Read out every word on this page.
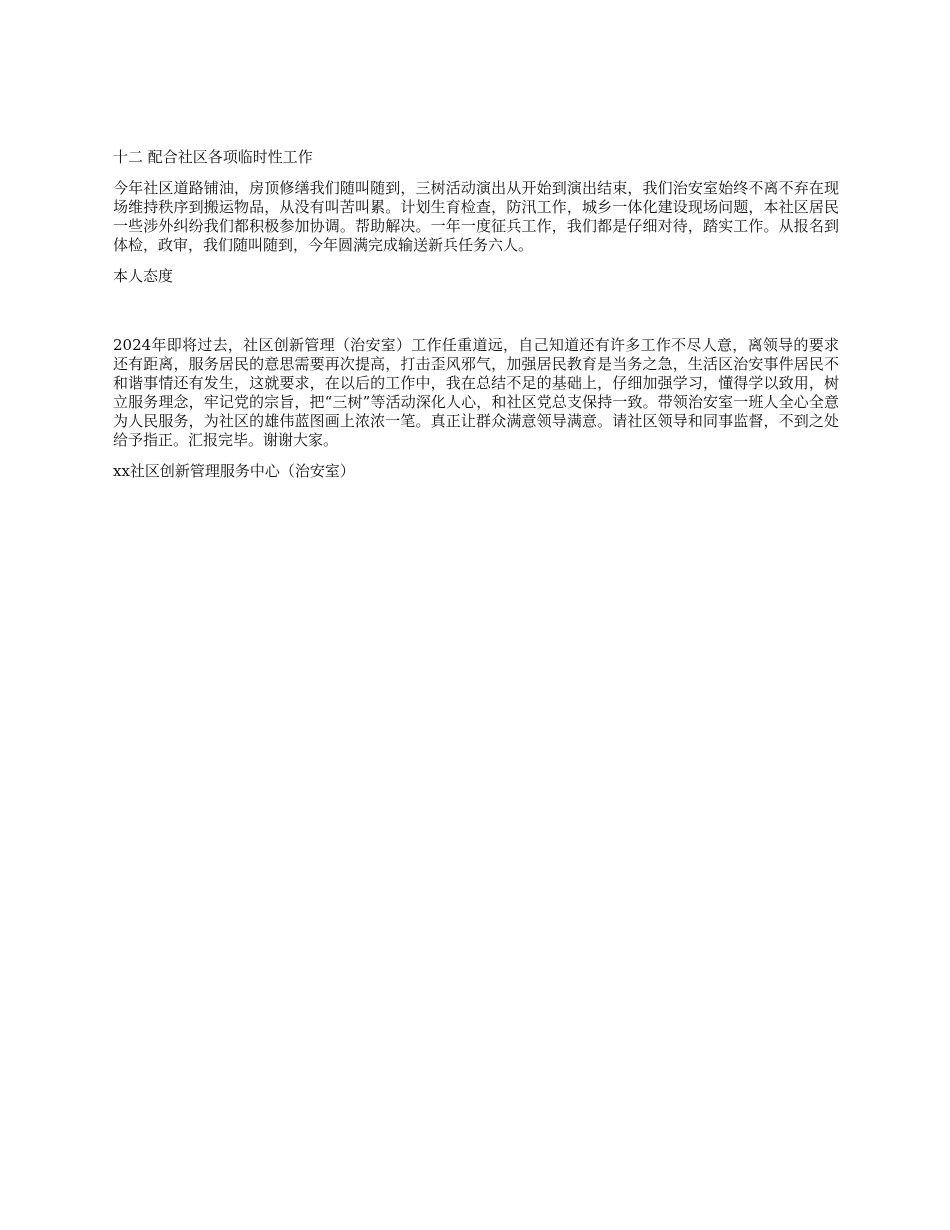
十二 配合社区各项临时性工作

今年社区道路铺油，房顶修缮我们随叫随到，三树活动演出从开始到演出结束，我们治安室始终不离不弃在现场维持秩序到搬运物品，从没有叫苦叫累。计划生育检查，防汛工作，城乡一体化建设现场问题，本社区居民一些涉外纠纷我们都积极参加协调。帮助解决。一年一度征兵工作，我们都是仔细对待，踏实工作。从报名到体检，政审，我们随叫随到，今年圆满完成输送新兵任务六人。

本人态度

2024年即将过去，社区创新管理（治安室）工作任重道远，自己知道还有许多工作不尽人意，离领导的要求还有距离，服务居民的意思需要再次提高，打击歪风邪气，加强居民教育是当务之急，生活区治安事件居民不和谐事情还有发生，这就要求，在以后的工作中，我在总结不足的基础上，仔细加强学习，懂得学以致用，树立服务理念，牢记党的宗旨，把“三树”等活动深化人心，和社区党总支保持一致。带领治安室一班人全心全意为人民服务，为社区的雄伟蓝图画上浓浓一笔。真正让群众满意领导满意。请社区领导和同事监督，不到之处给予指正。汇报完毕。谢谢大家。

xx社区创新管理服务中心（治安室）
